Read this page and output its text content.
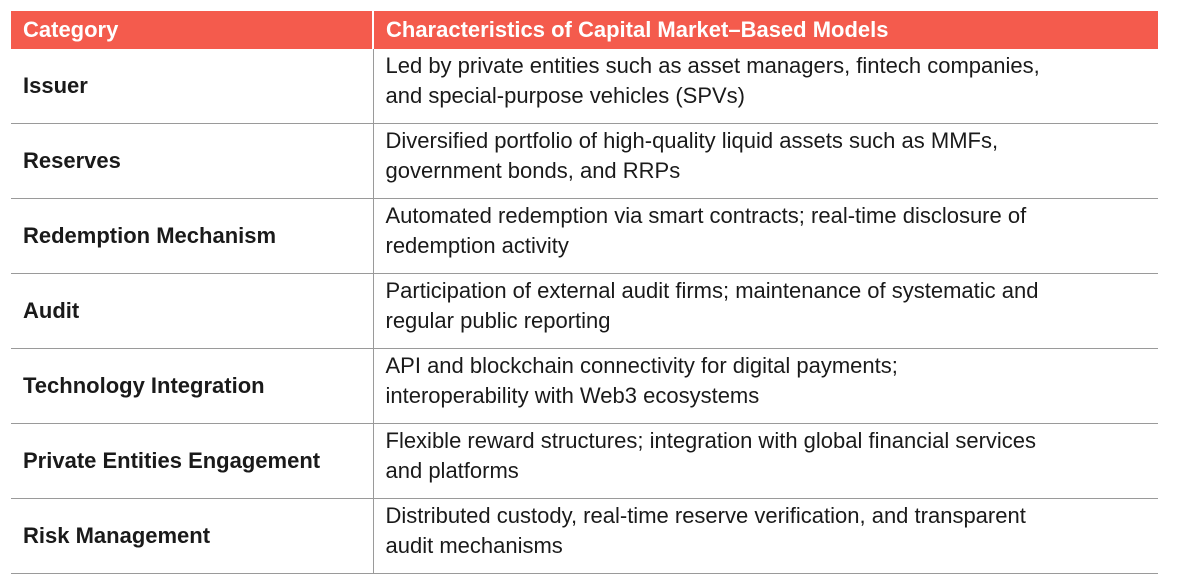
Category	Characteristics of Capital Market–Based Models
Issuer	Led by private entities such as asset managers, fintech companies,
and special-purpose vehicles (SPVs)

Reserves	Diversified portfolio of high-quality liquid assets such as MMFs,
government bonds, and RRPs

Redemption Mechanism	Automated redemption via smart contracts; real-time disclosure of
redemption activity

Audit	Participation of external audit firms; maintenance of systematic and
regular public reporting

Technology Integration	API and blockchain connectivity for digital payments;
interoperability with Web3 ecosystems

Private Entities Engagement	Flexible reward structures; integration with global financial services
and platforms

Risk Management	Distributed custody, real-time reserve verification, and transparent
audit mechanisms
